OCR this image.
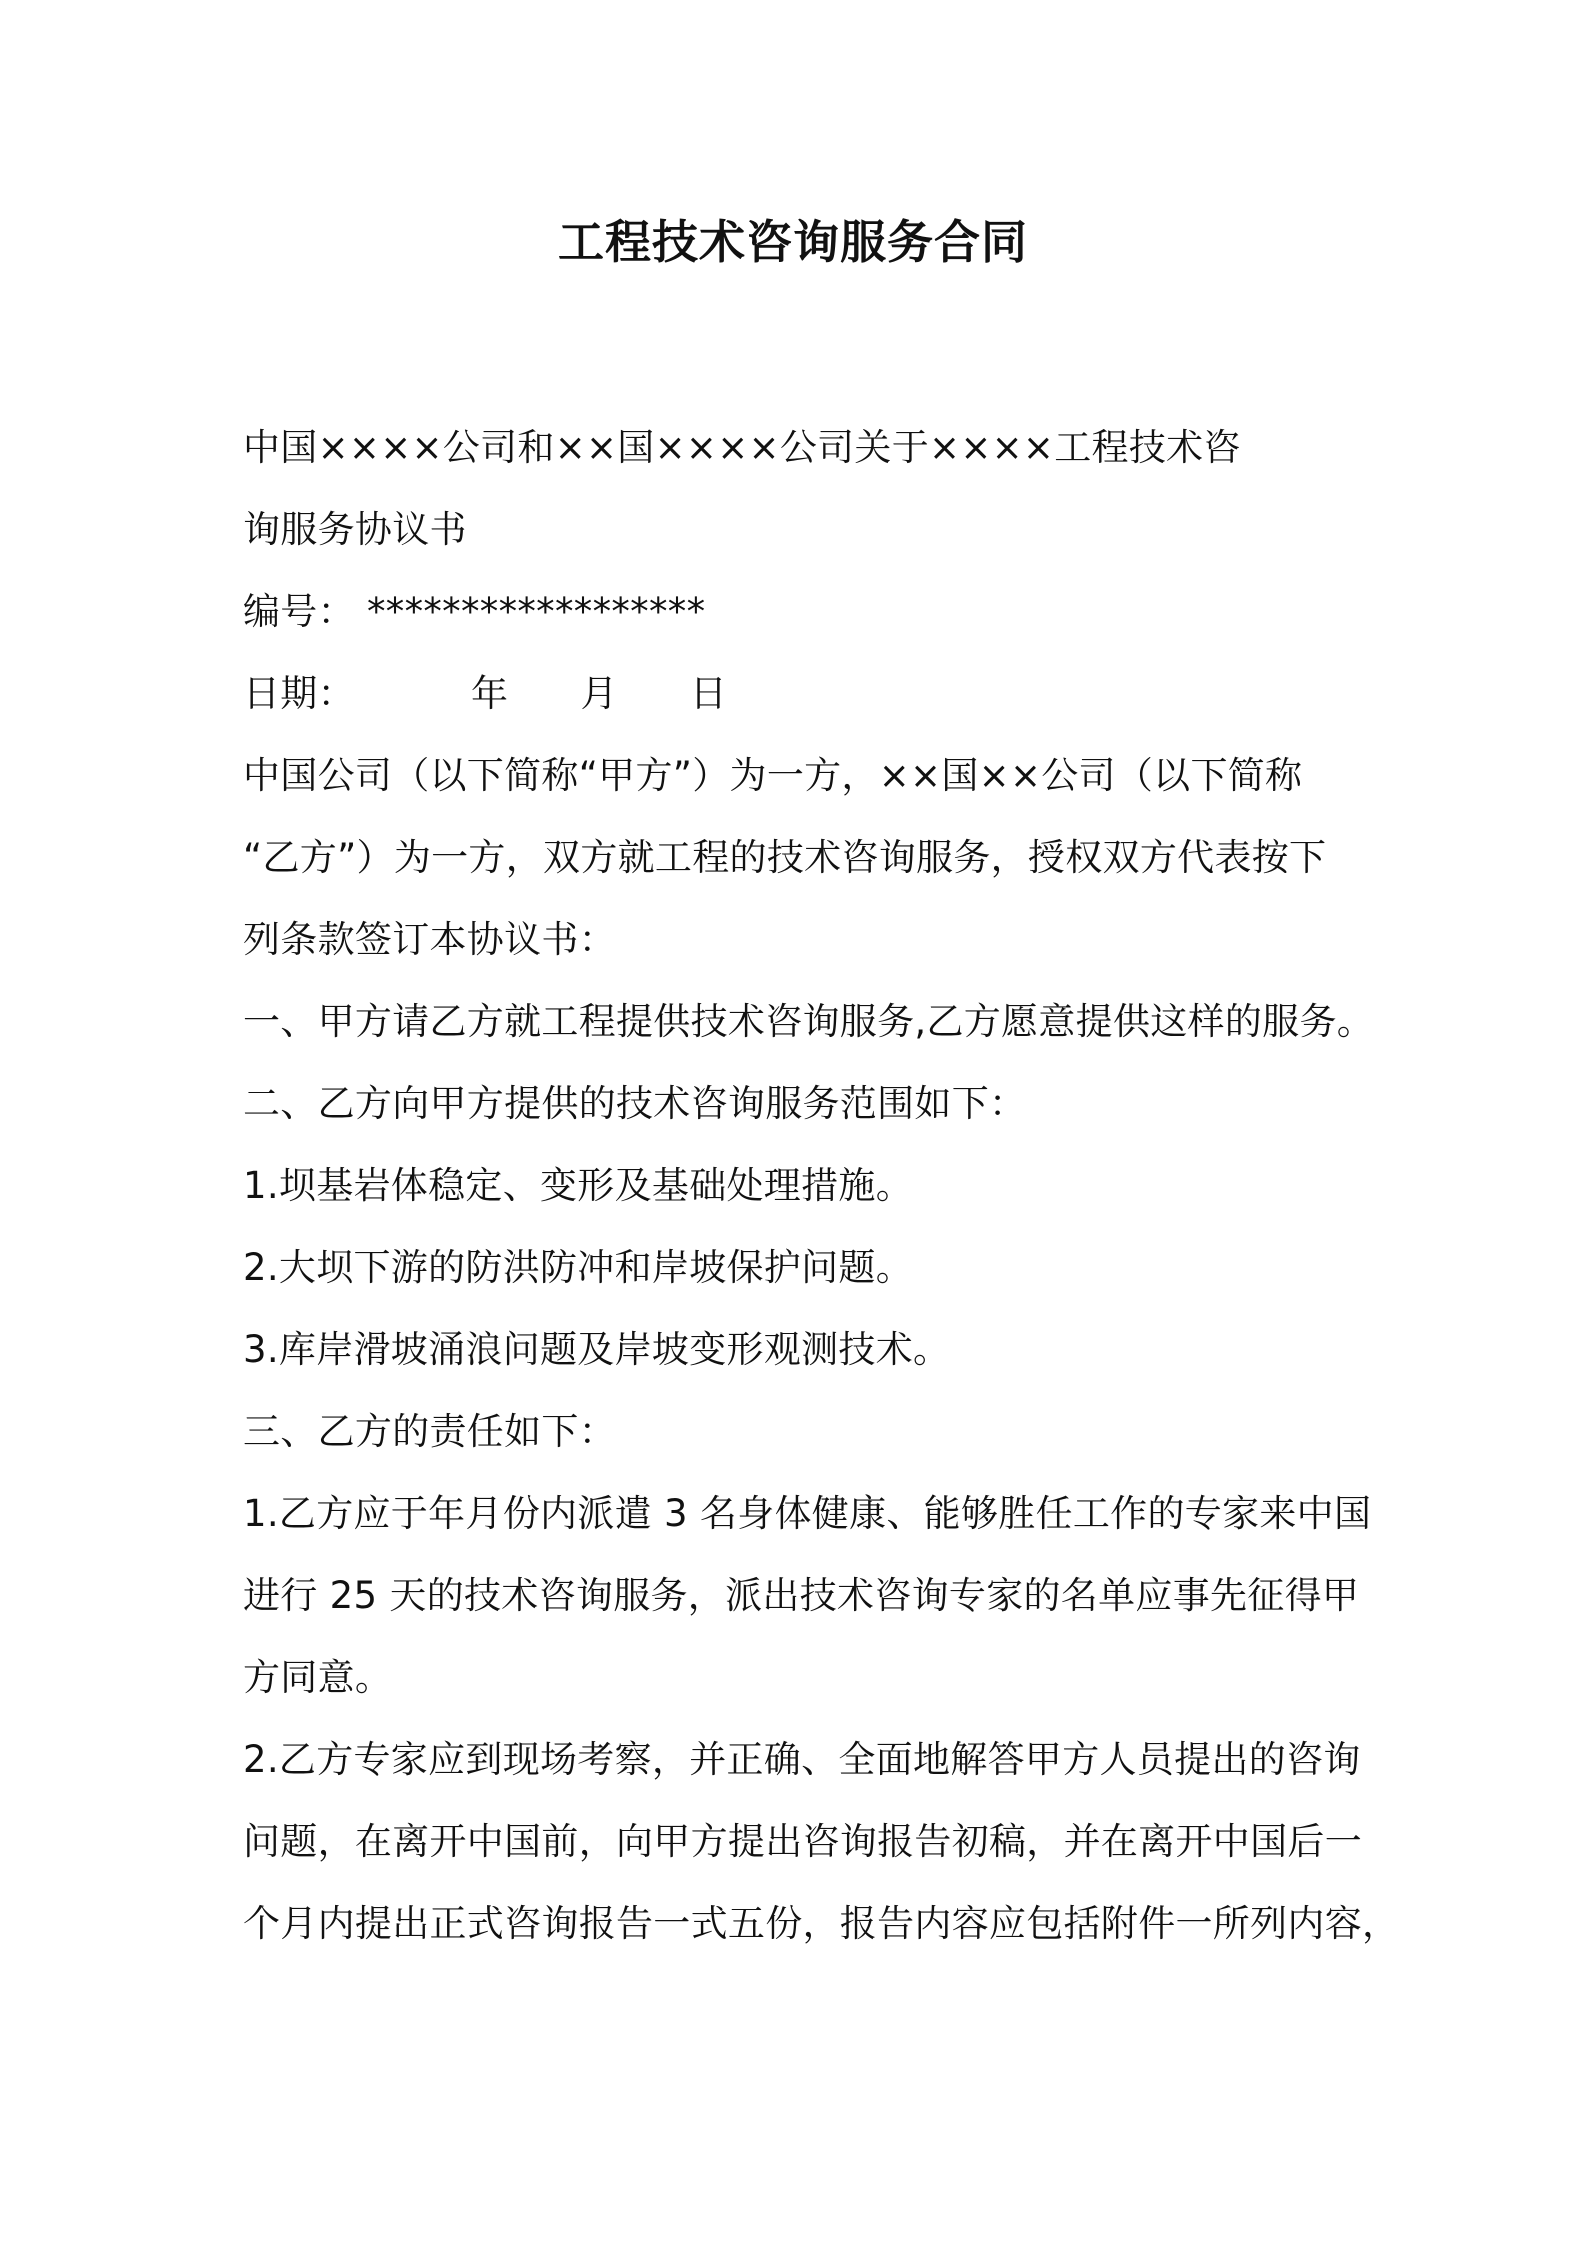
工程技术咨询服务合同
中国××××公司和××国××××公司关于××××工程技术咨
询服务协议书
编号： ******************
日期：	年 月 日
中国公司（以下简称“甲方”）为一方，××国××公司（以下简称
“乙方”）为一方，双方就工程的技术咨询服务，授权双方代表按下
列条款签订本协议书：
一、甲方请乙方就工程提供技术咨询服务,乙方愿意提供这样的服务。
二、乙方向甲方提供的技术咨询服务范围如下：
1.坝基岩体稳定、变形及基础处理措施。
2.大坝下游的防洪防冲和岸坡保护问题。
3.库岸滑坡涌浪问题及岸坡变形观测技术。
三、乙方的责任如下：
1.乙方应于年月份内派遣 3 名身体健康、能够胜任工作的专家来中国
进行 25 天的技术咨询服务，派出技术咨询专家的名单应事先征得甲
方同意。
2.乙方专家应到现场考察，并正确、全面地解答甲方人员提出的咨询
问题，在离开中国前，向甲方提出咨询报告初稿，并在离开中国后一
个月内提出正式咨询报告一式五份，报告内容应包括附件一所列内容，
